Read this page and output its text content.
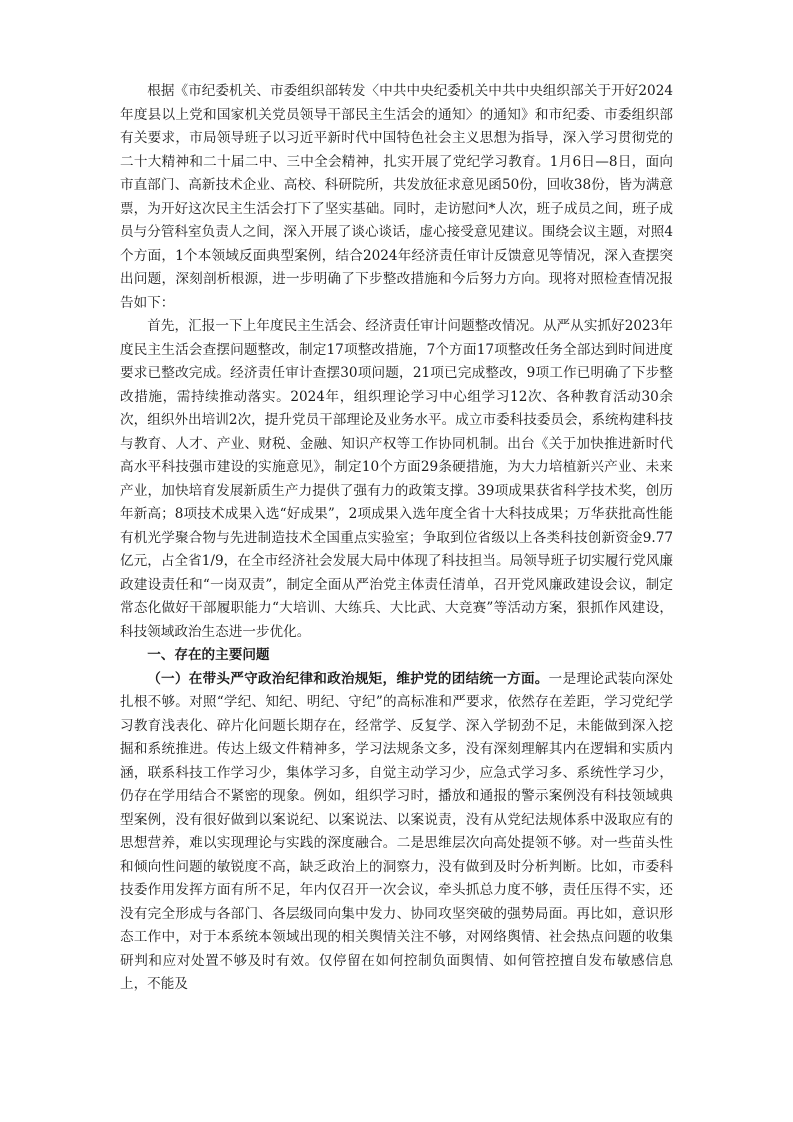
根据《市纪委机关、市委组织部转发〈中共中央纪委机关中共中央组织部关于开好2024年度县以上党和国家机关党员领导干部民主生活会的通知〉的通知》和市纪委、市委组织部有关要求，市局领导班子以习近平新时代中国特色社会主义思想为指导，深入学习贯彻党的二十大精神和二十届二中、三中全会精神，扎实开展了党纪学习教育。1月6日—8日，面向市直部门、高新技术企业、高校、科研院所，共发放征求意见函50份，回收38份，皆为满意票，为开好这次民主生活会打下了坚实基础。同时，走访慰问*人次，班子成员之间，班子成员与分管科室负责人之间，深入开展了谈心谈话，虚心接受意见建议。围绕会议主题，对照4个方面，1个本领域反面典型案例，结合2024年经济责任审计反馈意见等情况，深入查摆突出问题，深刻剖析根源，进一步明确了下步整改措施和今后努力方向。现将对照检查情况报告如下：

首先，汇报一下上年度民主生活会、经济责任审计问题整改情况。从严从实抓好2023年度民主生活会查摆问题整改，制定17项整改措施，7个方面17项整改任务全部达到时间进度要求已整改完成。经济责任审计查摆30项问题，21项已完成整改，9项工作已明确了下步整改措施，需持续推动落实。2024年，组织理论学习中心组学习12次、各种教育活动30余次，组织外出培训2次，提升党员干部理论及业务水平。成立市委科技委员会，系统构建科技与教育、人才、产业、财税、金融、知识产权等工作协同机制。出台《关于加快推进新时代高水平科技强市建设的实施意见》，制定10个方面29条硬措施，为大力培植新兴产业、未来产业，加快培育发展新质生产力提供了强有力的政策支撑。39项成果获省科学技术奖，创历年新高；8项技术成果入选“好成果”，2项成果入选年度全省十大科技成果；万华获批高性能有机光学聚合物与先进制造技术全国重点实验室；争取到位省级以上各类科技创新资金9.77亿元，占全省1/9，在全市经济社会发展大局中体现了科技担当。局领导班子切实履行党风廉政建设责任和“一岗双责”，制定全面从严治党主体责任清单，召开党风廉政建设会议，制定常态化做好干部履职能力“大培训、大练兵、大比武、大竞赛”等活动方案，狠抓作风建设，科技领域政治生态进一步优化。

一、存在的主要问题

（一）在带头严守政治纪律和政治规矩，维护党的团结统一方面。一是理论武装向深处扎根不够。对照“学纪、知纪、明纪、守纪”的高标准和严要求，依然存在差距，学习党纪学习教育浅表化、碎片化问题长期存在，经常学、反复学、深入学韧劲不足，未能做到深入挖掘和系统推进。传达上级文件精神多，学习法规条文多，没有深刻理解其内在逻辑和实质内涵，联系科技工作学习少，集体学习多，自觉主动学习少，应急式学习多、系统性学习少，仍存在学用结合不紧密的现象。例如，组织学习时，播放和通报的警示案例没有科技领域典型案例，没有很好做到以案说纪、以案说法、以案说责，没有从党纪法规体系中汲取应有的思想营养，难以实现理论与实践的深度融合。二是思维层次向高处提领不够。对一些苗头性和倾向性问题的敏锐度不高，缺乏政治上的洞察力，没有做到及时分析判断。比如，市委科技委作用发挥方面有所不足，年内仅召开一次会议，牵头抓总力度不够，责任压得不实，还没有完全形成与各部门、各层级同向集中发力、协同攻坚突破的强势局面。再比如，意识形态工作中，对于本系统本领域出现的相关舆情关注不够，对网络舆情、社会热点问题的收集研判和应对处置不够及时有效。仅停留在如何控制负面舆情、如何管控擅自发布敏感信息上，不能及
